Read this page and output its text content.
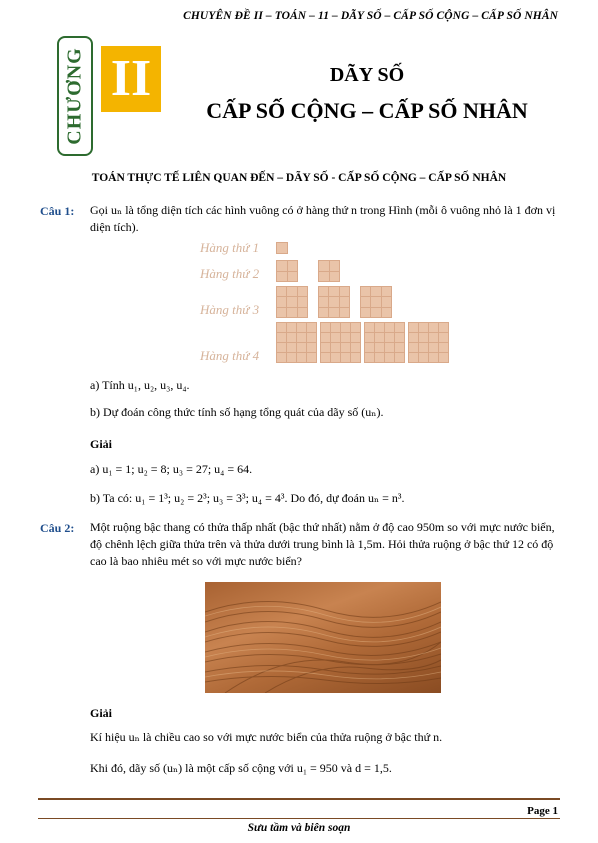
CHUYÊN ĐỀ II – TOÁN – 11 – DÃY SỐ – CẤP SỐ CỘNG – CẤP SỐ NHÂN
CHƯƠNG II	DÃY SỐ
CẤP SỐ CỘNG – CẤP SỐ NHÂN
TOÁN THỰC TẾ LIÊN QUAN ĐẾN – DÃY SỐ - CẤP SỐ CỘNG – CẤP SỐ NHÂN
Câu 1: Gọi uₙ là tổng diện tích các hình vuông có ở hàng thứ n trong Hình (mỗi ô vuông nhỏ là 1 đơn vị diện tích).
Hàng thứ 1
Hàng thứ 2
Hàng thứ 3
Hàng thứ 4
a) Tính u₁, u₂, u₃, u₄.
b) Dự đoán công thức tính số hạng tổng quát của dãy số (uₙ).
Giải
a) u₁ = 1; u₂ = 8; u₃ = 27; u₄ = 64.
b) Ta có: u₁ = 1³; u₂ = 2³; u₃ = 3³; u₄ = 4³. Do đó, dự đoán uₙ = n³.
Câu 2: Một ruộng bậc thang có thửa thấp nhất (bậc thứ nhất) nằm ở độ cao 950m so với mực nước biển, độ chênh lệch giữa thửa trên và thửa dưới trung bình là 1,5m. Hỏi thửa ruộng ở bậc thứ 12 có độ cao là bao nhiêu mét so với mực nước biển?
Giải
Kí hiệu uₙ là chiều cao so với mực nước biển của thửa ruộng ở bậc thứ n.
Khi đó, dãy số (uₙ) là một cấp số cộng với u₁ = 950 và d = 1,5.
Page 1
Sưu tầm và biên soạn
